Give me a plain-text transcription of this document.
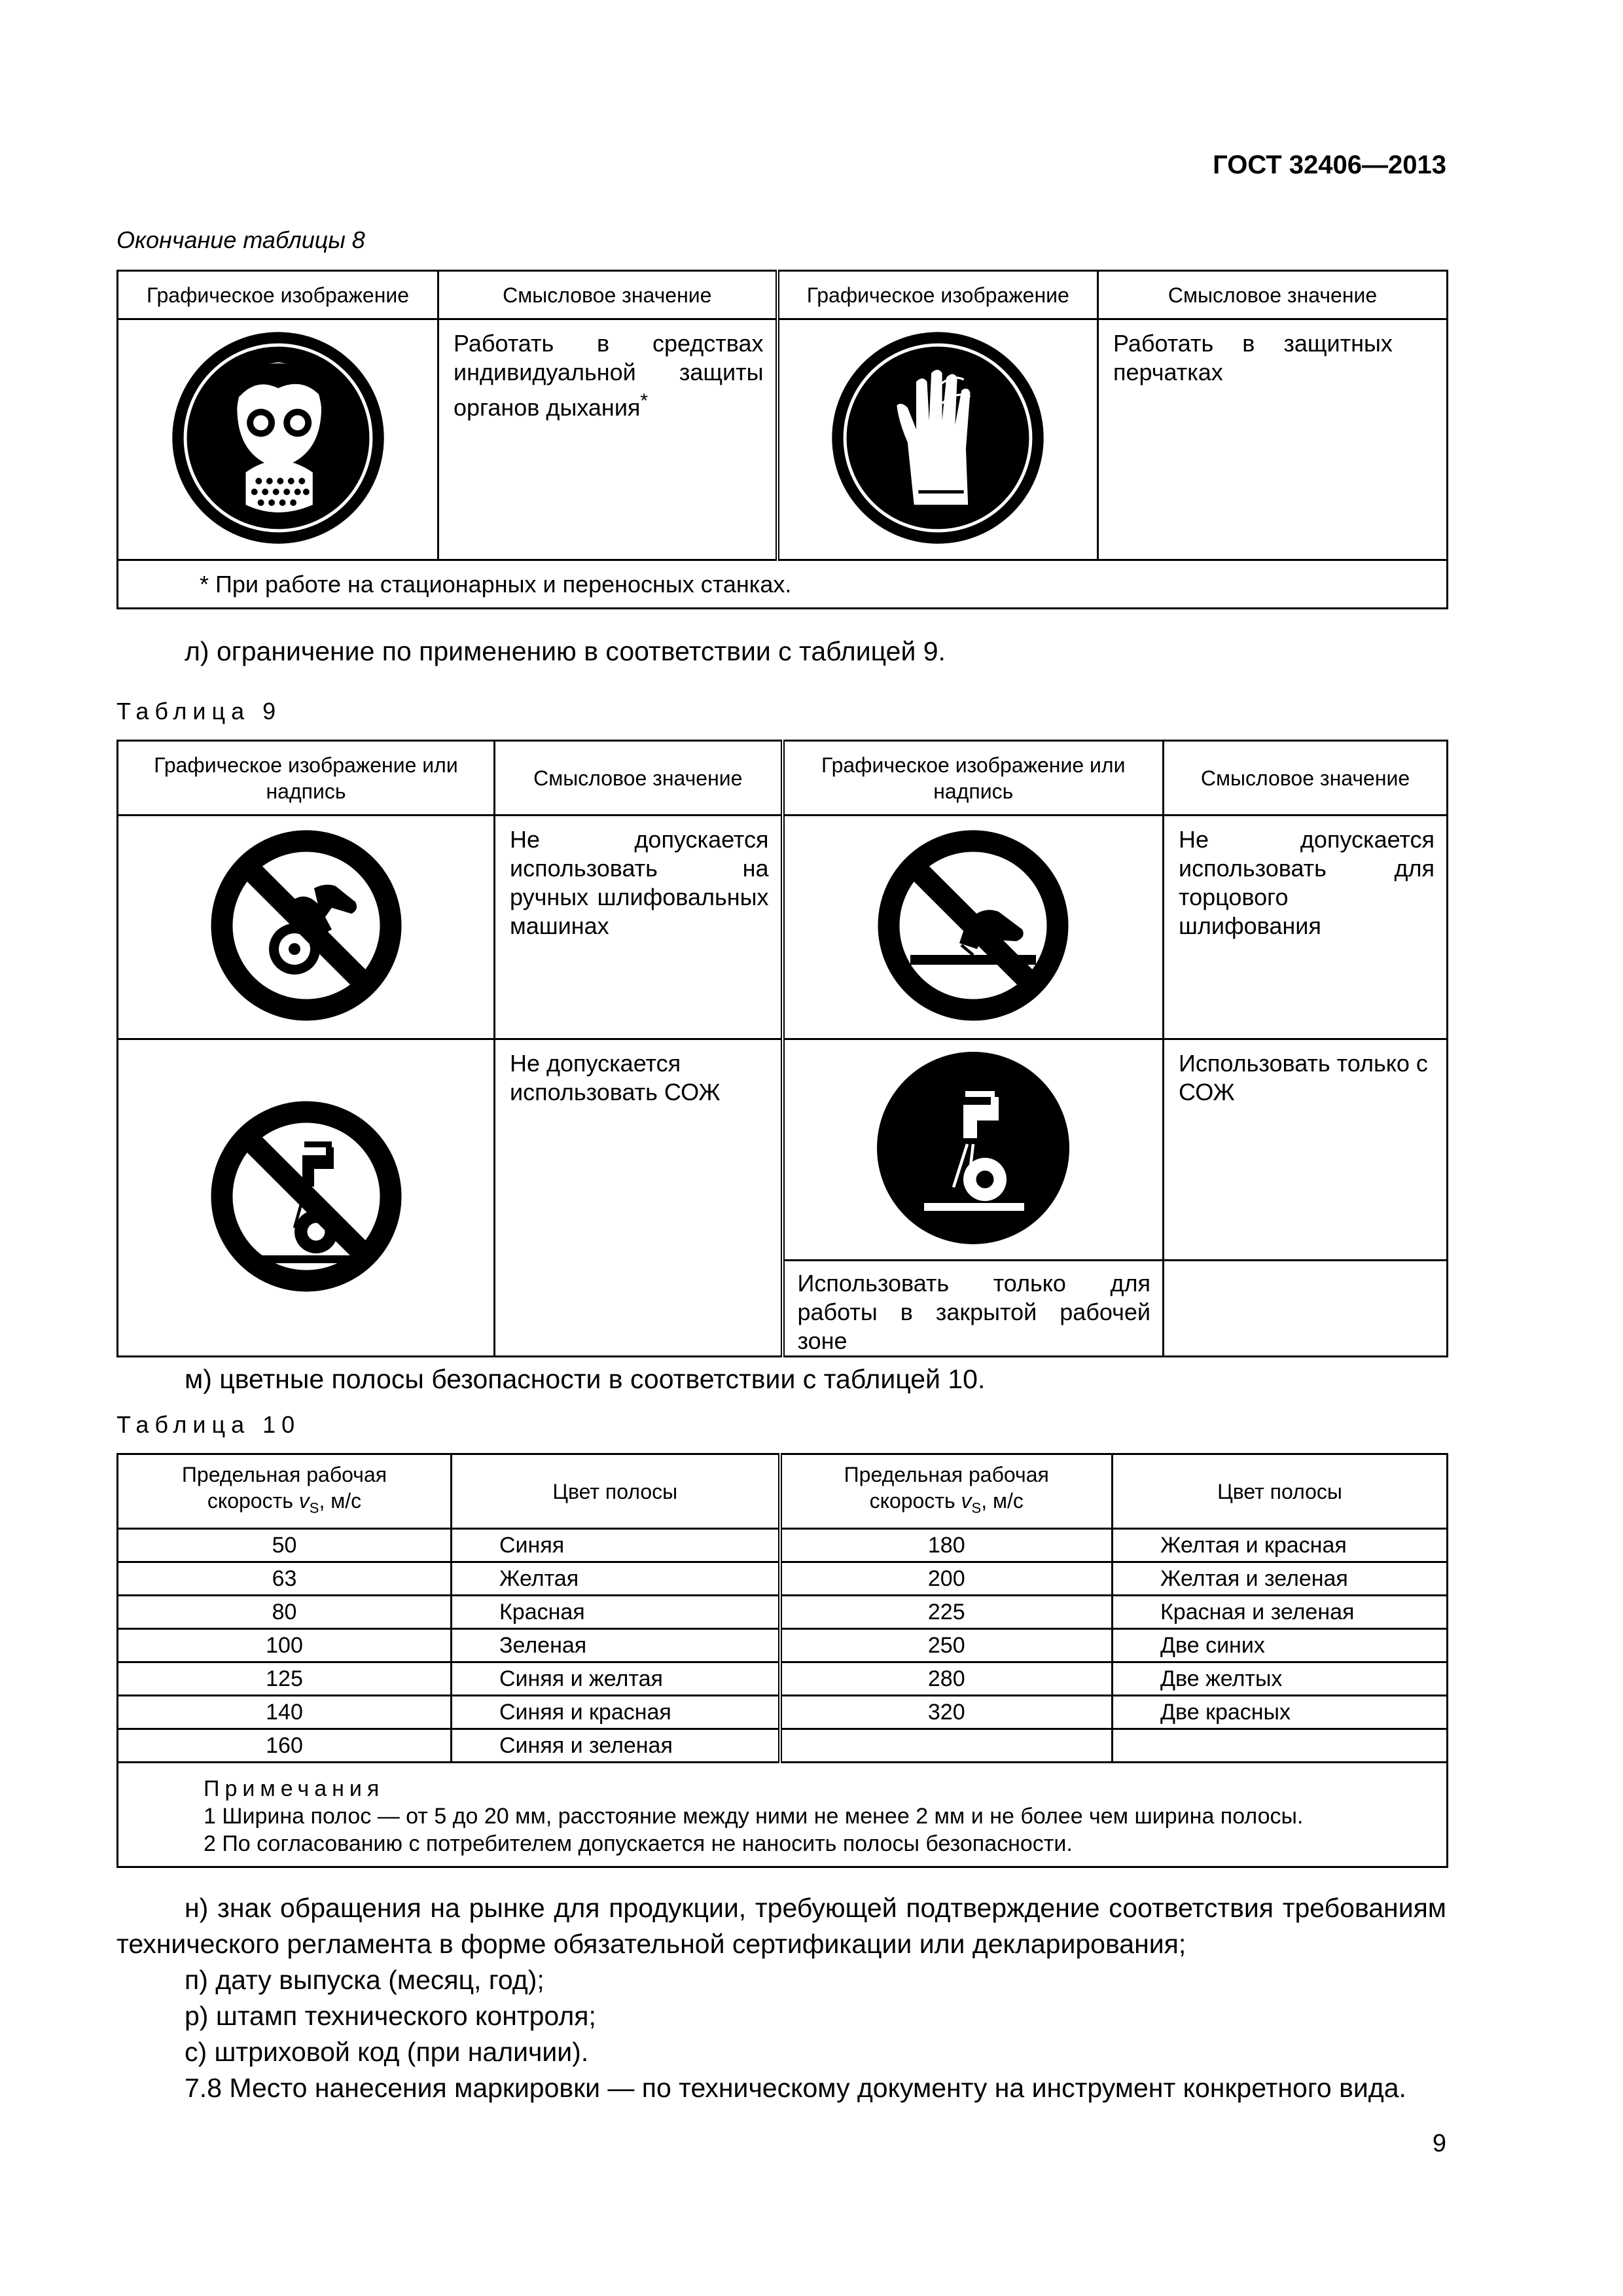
ГОСТ 32406—2013
Окончание таблицы 8
Графическое изображение	Смысловое значение	Графическое изображение	Смысловое значение
	Работать в средствах индивидуальной защиты органов дыхания*		Работать в защитных перчатках
* При работе на стационарных и переносных станках.			
л) ограничение по применению в соответствии с таблицей 9.
Таблица 9
Графическое изображение или надпись	Смысловое значение	Графическое изображение или надпись	Смысловое значение
	Не допускается использовать на ручных шлифовальных машинах		Не допускается использовать для торцового шлифования
	Не допускается использовать СОЖ		Использовать только с СОЖ
		Использовать только для работы в закрытой рабочей зоне	
м) цветные полосы безопасности в соответствии с таблицей 10.
Таблица 10
Предельная рабочая скорость $v_S$, м/с	Цвет полосы	Предельная рабочая скорость $v_S$, м/с	Цвет полосы
50	Синяя	180	Желтая и красная
63	Желтая	200	Желтая и зеленая
80	Красная	225	Красная и зеленая
100	Зеленая	250	Две синих
125	Синяя и желтая	280	Две желтых
140	Синяя и красная	320	Две красных
160	Синяя и зеленая		

Примечания
1 Ширина полос — от 5 до 20 мм, расстояние между ними не менее 2 мм и не более чем ширина полосы.
2 По согласованию с потребителем допускается не наносить полосы безопасности.			
н) знак обращения на рынке для продукции, требующей подтверждение соответствия требованиям технического регламента в форме обязательной сертификации или декларирования;
п) дату выпуска (месяц, год);
р) штамп технического контроля;
с) штриховой код (при наличии).
7.8 Место нанесения маркировки — по техническому документу на инструмент конкретного вида.
9
